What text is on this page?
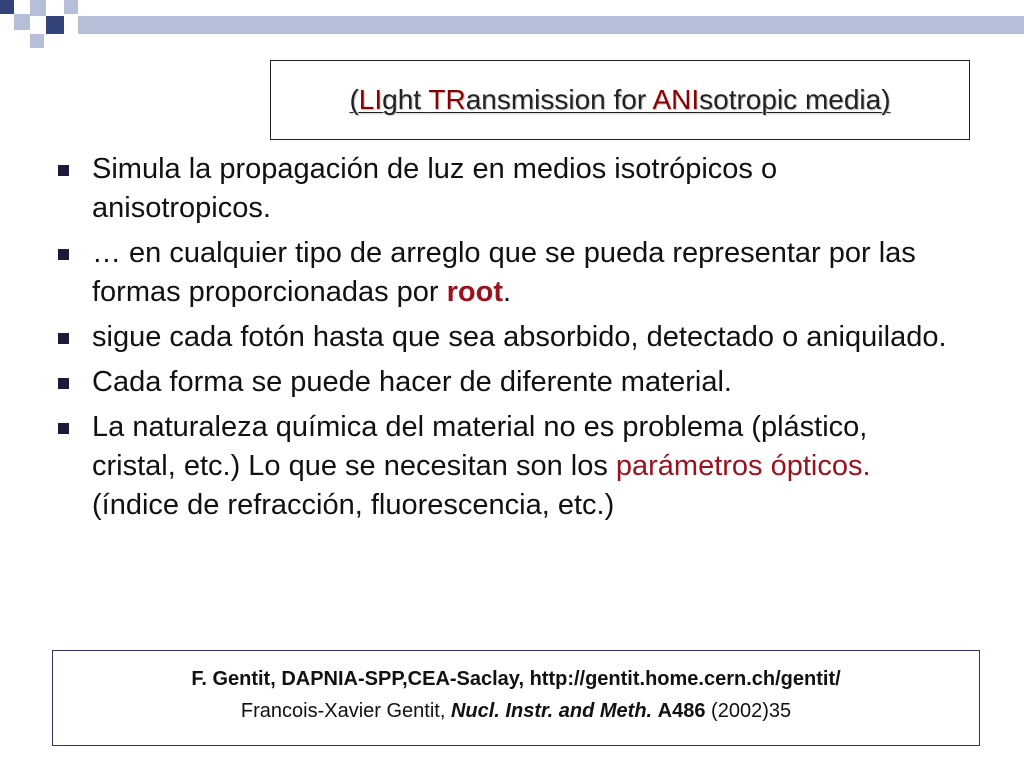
(LIght TRansmission for ANIsotropic media)
Simula la propagación de luz en medios isotrópicos o anisotropicos.
… en cualquier tipo de arreglo que se pueda representar por las formas proporcionadas por root.
sigue cada fotón hasta que sea absorbido, detectado o aniquilado.
Cada forma se puede hacer de diferente material.
La naturaleza química del material no es problema (plástico, cristal, etc.) Lo que se necesitan son los parámetros ópticos. (índice de refracción, fluorescencia, etc.)
F. Gentit, DAPNIA-SPP,CEA-Saclay, http://gentit.home.cern.ch/gentit/
Francois-Xavier Gentit, Nucl. Instr. and Meth. A486 (2002)35
